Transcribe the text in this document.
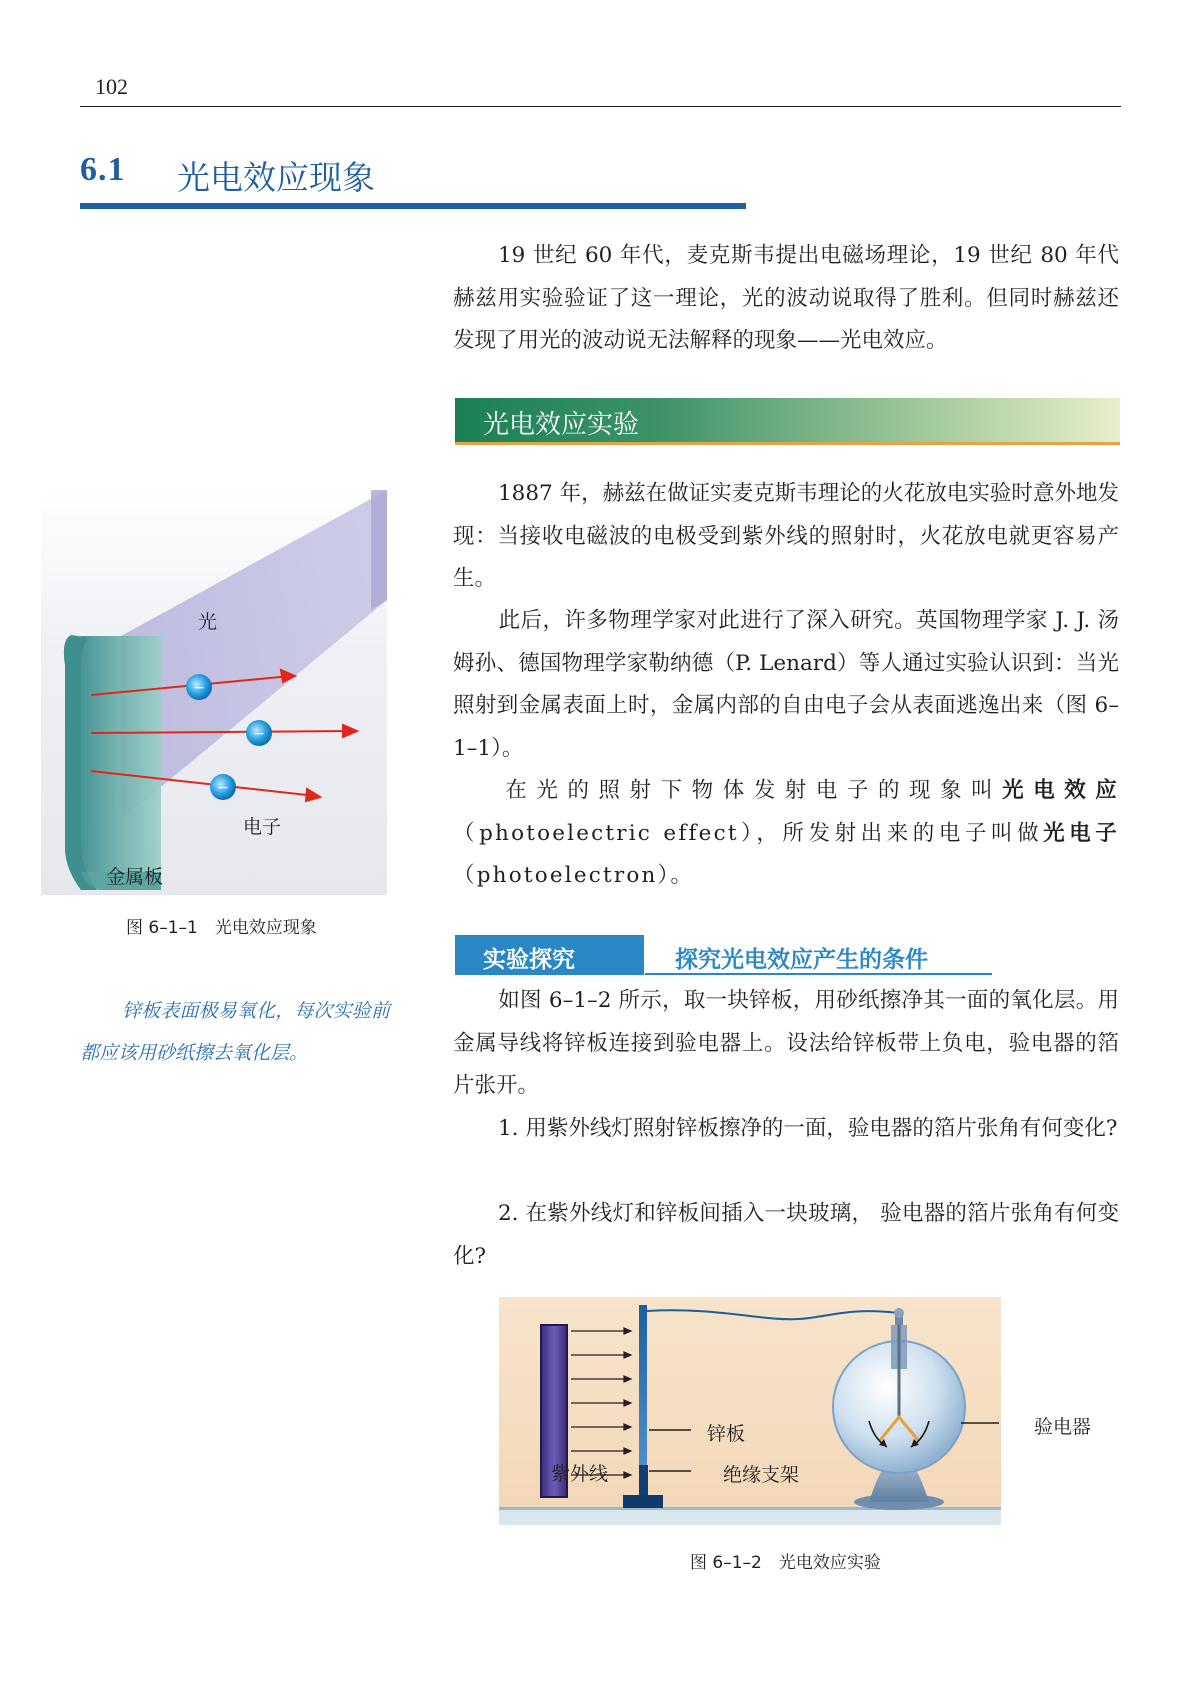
102
6.1 光电效应现象
19 世纪 60 年代，麦克斯韦提出电磁场理论，19 世纪 80 年代赫兹用实验验证了这一理论，光的波动说取得了胜利。但同时赫兹还发现了用光的波动说无法解释的现象——光电效应。
光电效应实验
1887 年，赫兹在做证实麦克斯韦理论的火花放电实验时意外地发现：当接收电磁波的电极受到紫外线的照射时，火花放电就更容易产生。
此后，许多物理学家对此进行了深入研究。英国物理学家 J. J. 汤姆孙、德国物理学家勒纳德（P. Lenard）等人通过实验认识到：当光照射到金属表面上时，金属内部的自由电子会从表面逃逸出来（图 6–1–1）。
在光的照射下物体发射电子的现象叫光电效应（photoelectric effect），所发射出来的电子叫做光电子（photoelectron）。
−
−
−
光
电子
金属板
图 6–1–1　光电效应现象
锌板表面极易氧化，每次实验前都应该用砂纸擦去氧化层。
实验探究	探究光电效应产生的条件
如图 6–1–2 所示，取一块锌板，用砂纸擦净其一面的氧化层。用金属导线将锌板连接到验电器上。设法给锌板带上负电，验电器的箔片张开。
1. 用紫外线灯照射锌板擦净的一面，验电器的箔片张角有何变化?
2. 在紫外线灯和锌板间插入一块玻璃， 验电器的箔片张角有何变化?
紫外线
锌板
绝缘支架
验电器
图 6–1–2　光电效应实验
